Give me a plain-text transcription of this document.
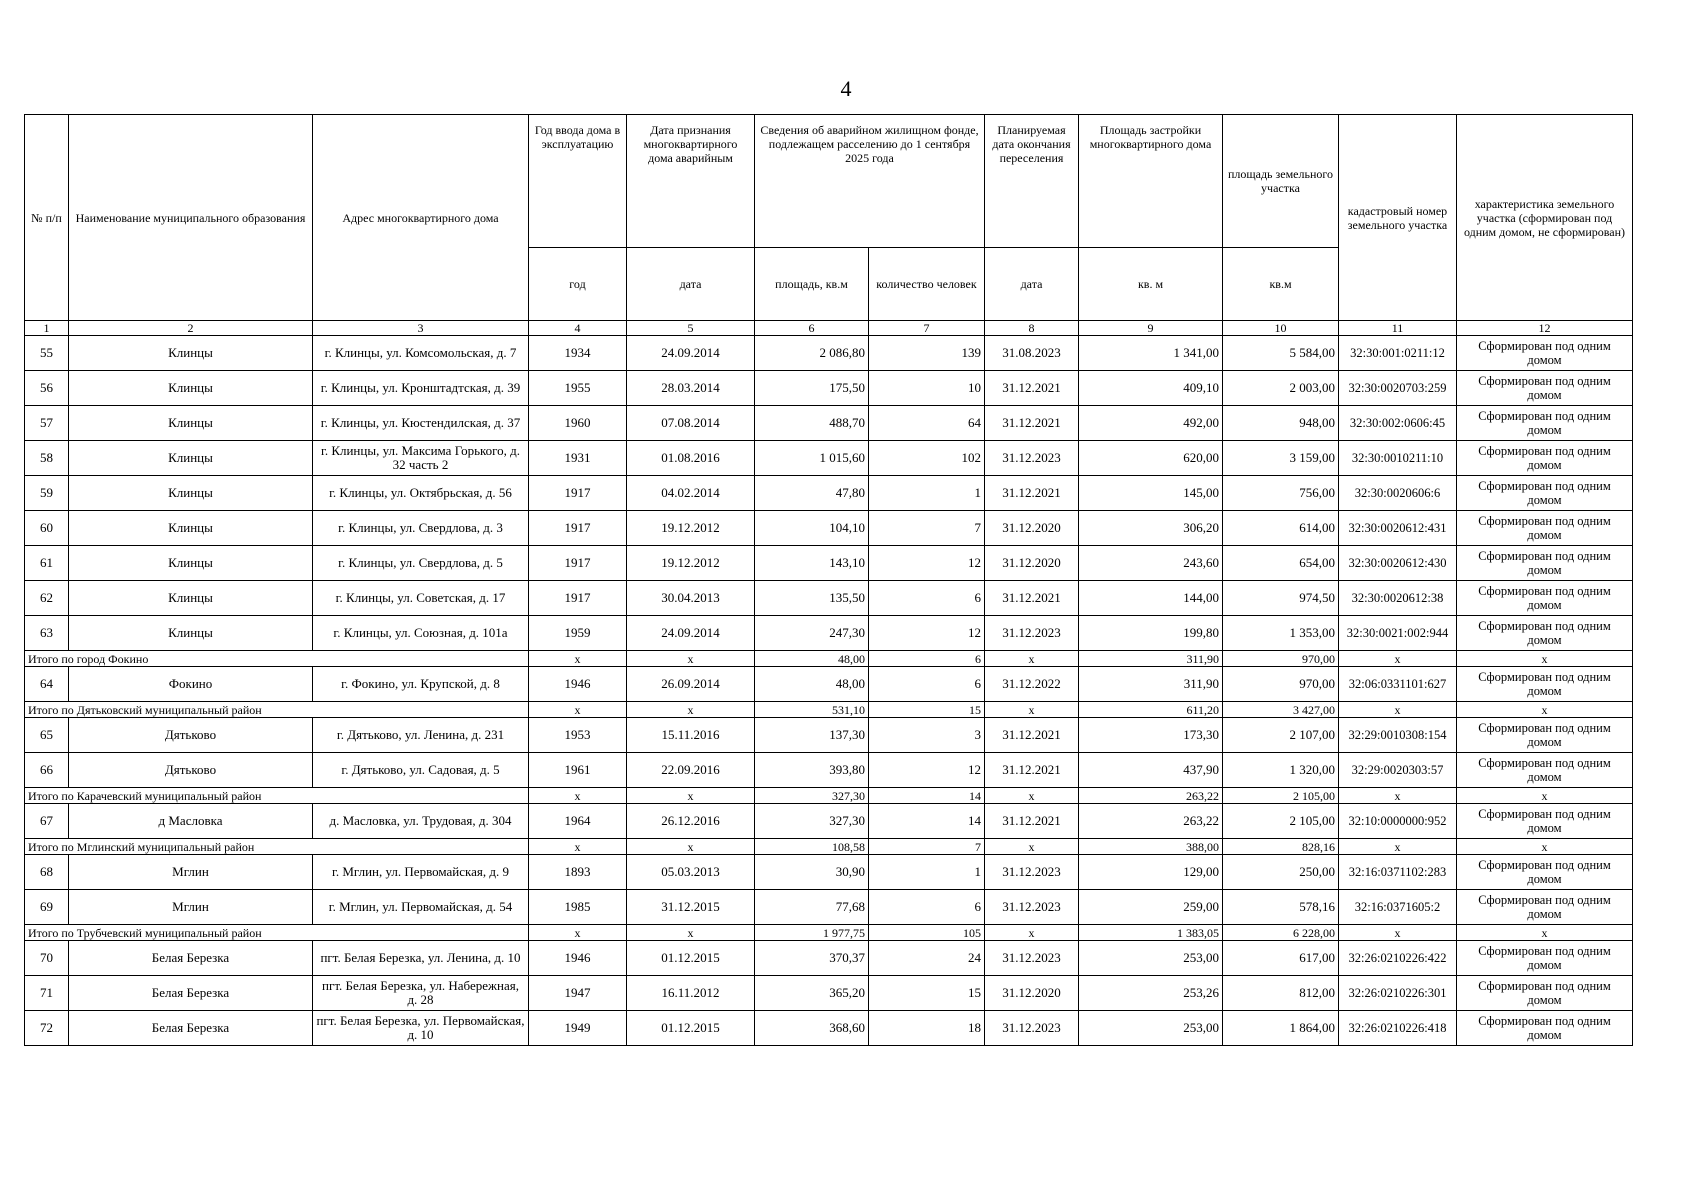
4
№ п/п	Наименование муниципального образования	Адрес многоквартирного дома	Год ввода дома в эксплуатацию	Дата признания многоквартирного дома аварийным	Сведения об аварийном жилищном фонде, подлежащем расселению до 1 сентября 2025 года		Планируемая дата окончания переселения	Площадь застройки многоквартирного дома	площадь земельного участка	кадастровый номер земельного участка	характеристика земельного участка (сформирован под одним домом, не сформирован)
			год	дата	площадь, кв.м	количество человек	дата	кв. м	кв.м		
1	2	3	4	5	6	7	8	9	10	11	12
55	Клинцы	г. Клинцы, ул. Комсомольская, д. 7	1934	24.09.2014	2 086,80	139	31.08.2023	1 341,00	5 584,00	32:30:001:0211:12	Сформирован под одним домом
56	Клинцы	г. Клинцы, ул. Кронштадтская, д. 39	1955	28.03.2014	175,50	10	31.12.2021	409,10	2 003,00	32:30:0020703:259	Сформирован под одним домом
57	Клинцы	г. Клинцы, ул. Кюстендилская, д. 37	1960	07.08.2014	488,70	64	31.12.2021	492,00	948,00	32:30:002:0606:45	Сформирован под одним домом
58	Клинцы	г. Клинцы, ул. Максима Горького, д. 32 часть 2	1931	01.08.2016	1 015,60	102	31.12.2023	620,00	3 159,00	32:30:0010211:10	Сформирован под одним домом
59	Клинцы	г. Клинцы, ул. Октябрьская, д. 56	1917	04.02.2014	47,80	1	31.12.2021	145,00	756,00	32:30:0020606:6	Сформирован под одним домом
60	Клинцы	г. Клинцы, ул. Свердлова, д. 3	1917	19.12.2012	104,10	7	31.12.2020	306,20	614,00	32:30:0020612:431	Сформирован под одним домом
61	Клинцы	г. Клинцы, ул. Свердлова, д. 5	1917	19.12.2012	143,10	12	31.12.2020	243,60	654,00	32:30:0020612:430	Сформирован под одним домом
62	Клинцы	г. Клинцы, ул. Советская, д. 17	1917	30.04.2013	135,50	6	31.12.2021	144,00	974,50	32:30:0020612:38	Сформирован под одним домом
63	Клинцы	г. Клинцы, ул. Союзная, д. 101а	1959	24.09.2014	247,30	12	31.12.2023	199,80	1 353,00	32:30:0021:002:944	Сформирован под одним домом
Итого по город Фокино			x	x	48,00	6	x	311,90	970,00	x	x
64	Фокино	г. Фокино, ул. Крупской, д. 8	1946	26.09.2014	48,00	6	31.12.2022	311,90	970,00	32:06:0331101:627	Сформирован под одним домом
Итого по Дятьковский муниципальный район			x	x	531,10	15	x	611,20	3 427,00	x	x
65	Дятьково	г. Дятьково, ул. Ленина, д. 231	1953	15.11.2016	137,30	3	31.12.2021	173,30	2 107,00	32:29:0010308:154	Сформирован под одним домом
66	Дятьково	г. Дятьково, ул. Садовая, д. 5	1961	22.09.2016	393,80	12	31.12.2021	437,90	1 320,00	32:29:0020303:57	Сформирован под одним домом
Итого по Карачевский муниципальный район			x	x	327,30	14	x	263,22	2 105,00	x	x
67	д Масловка	д. Масловка, ул. Трудовая, д. 304	1964	26.12.2016	327,30	14	31.12.2021	263,22	2 105,00	32:10:0000000:952	Сформирован под одним домом
Итого по Мглинский муниципальный район			x	x	108,58	7	x	388,00	828,16	x	x
68	Мглин	г. Мглин, ул. Первомайская, д. 9	1893	05.03.2013	30,90	1	31.12.2023	129,00	250,00	32:16:0371102:283	Сформирован под одним домом
69	Мглин	г. Мглин, ул. Первомайская, д. 54	1985	31.12.2015	77,68	6	31.12.2023	259,00	578,16	32:16:0371605:2	Сформирован под одним домом
Итого по Трубчевский муниципальный район			x	x	1 977,75	105	x	1 383,05	6 228,00	x	x
70	Белая Березка	пгт. Белая Березка, ул. Ленина, д. 10	1946	01.12.2015	370,37	24	31.12.2023	253,00	617,00	32:26:0210226:422	Сформирован под одним домом
71	Белая Березка	пгт. Белая Березка, ул. Набережная, д. 28	1947	16.11.2012	365,20	15	31.12.2020	253,26	812,00	32:26:0210226:301	Сформирован под одним домом
72	Белая Березка	пгт. Белая Березка, ул. Первомайская, д. 10	1949	01.12.2015	368,60	18	31.12.2023	253,00	1 864,00	32:26:0210226:418	Сформирован под одним домом
